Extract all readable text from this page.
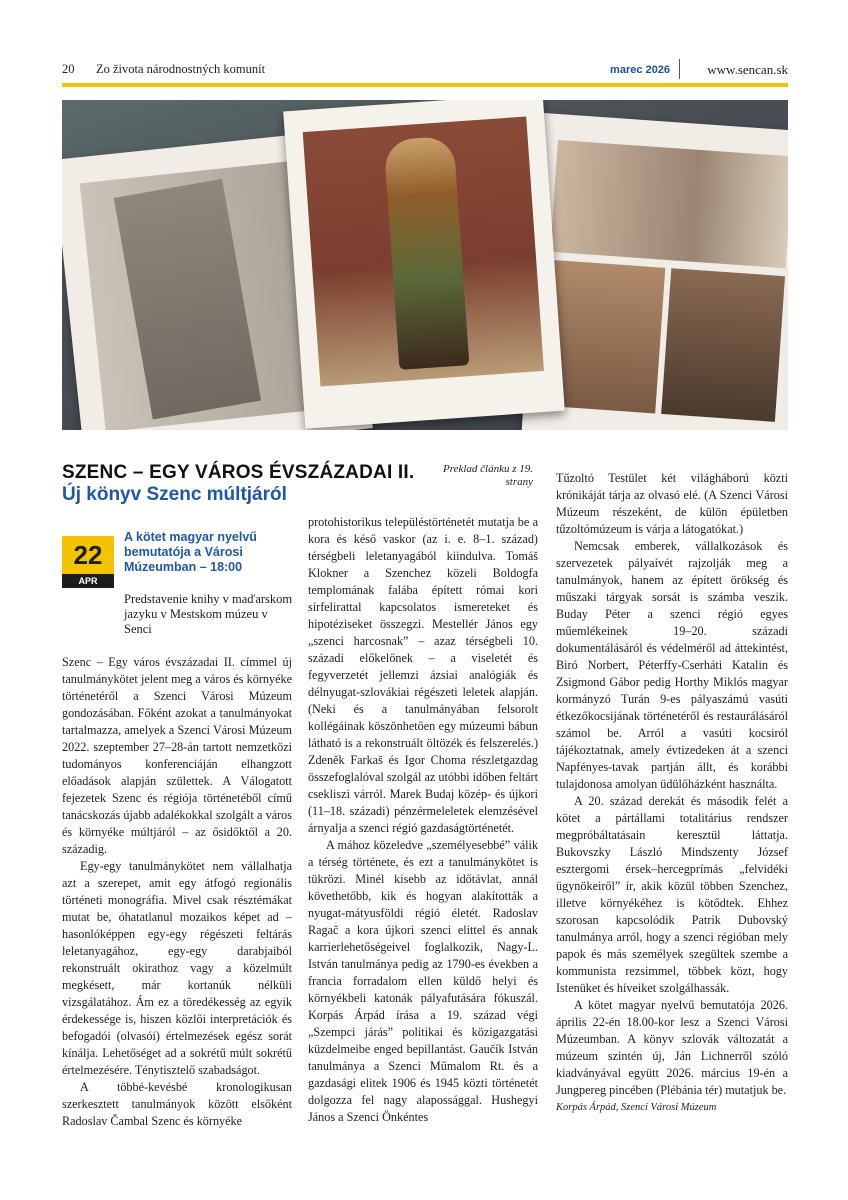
20 Zo života národnostných komunít	marec 2026	www.sencan.sk
SZENC – EGY VÁROS ÉVSZÁZADAI II.
Új könyv Szenc múltjáról
Preklad článku z 19. strany
22
APR
A kötet magyar nyelvű bemutatója a Városi Múzeumban – 18:00
Predstavenie knihy v maďarskom jazyku v Mestskom múzeu v Senci

Szenc – Egy város évszázadai II. címmel új tanulmánykötet jelent meg a város és környéke történetéről a Szenci Városi Múzeum gondozásában. Főként azokat a tanulmányokat tartalmazza, amelyek a Szenci Városi Múzeum 2022. szeptember 27–28-án tartott nemzetközi tudományos konferenciáján elhangzott előadások alapján születtek. A Válogatott fejezetek Szenc és régiója történetéből című tanácskozás újabb adalékokkal szolgált a város és környéke múltjáról – az ősidőktől a 20. századig.

Egy-egy tanulmánykötet nem vállalhatja azt a szerepet, amit egy átfogó regionális történeti monográfia. Mivel csak résztémákat mutat be, óhatatlanul mozaikos képet ad – hasonlóképpen egy-egy régészeti feltárás leletanyagához, egy-egy darabjaiból rekonstruált okirathoz vagy a közelmúlt megkésett, már kortanúk nélküli vizsgálatához. Ám ez a töredékesség az egyik érdekessége is, hiszen közlői interpretációk és befogadói (olvasói) értelmezések egész sorát kínálja. Lehetőséget ad a sokrétű múlt sokrétű értelmezésére. Ténytisztelő szabadságot.

A többé-kevésbé kronologikusan szerkesztett tanulmányok között elsőként Radoslav Čambal Szenc és környéke

protohistorikus településtörténetét mutatja be a kora és késő vaskor (az i. e. 8–1. század) térségbeli leletanyagából kiindulva. Tomáš Klokner a Szenchez közeli Boldogfa templomának falába épített római kori sírfelirattal kapcsolatos ismereteket és hipotéziseket összegzi. Mestellér János egy „szenci harcosnak” – azaz térségbeli 10. századi előkelőnek – a viseletét és fegyverzetét jellemzi ázsiai analógiák és délnyugat-szlovákiai régészeti leletek alapján. (Neki és a tanulmányában felsorolt kollégáinak köszönhetően egy múzeumi bábun látható is a rekonstruált öltözék és felszerelés.) Zdeněk Farkaš és Igor Choma részletgazdag összefoglalóval szolgál az utóbbi időben feltárt csekliszi várról. Marek Budaj közép- és újkori (11–18. századi) pénzérmeleletek elemzésével árnyalja a szenci régió gazdaságtörténetét.

A mához közeledve „személyesebbé” válik a térség története, és ezt a tanulmánykötet is tükrözi. Minél kisebb az időtávlat, annál követhetőbb, kik és hogyan alakították a nyugat-mátyusföldi régió életét. Radoslav Ragač a kora újkori szenci elittel és annak karrierlehetőségeivel foglalkozik, Nagy-L. István tanulmánya pedig az 1790-es években a francia forradalom ellen küldő helyi és környékbeli katonák pályafutására fókuszál. Korpás Árpád írása a 19. század végi „Szempci járás” politikai és közigazgatási küzdelmeibe enged bepillantást. Gaučík István tanulmánya a Szenci Műmalom Rt. és a gazdasági elitek 1906 és 1945 közti történetét dolgozza fel nagy alapossággal. Hushegyi János a Szenci Önkéntes

Tűzoltó Testület két világháború közti krónikáját tárja az olvasó elé. (A Szenci Városi Múzeum részeként, de külön épületben tűzoltómúzeum is várja a látogatókat.)

Nemcsak emberek, vállalkozások és szervezetek pályaívét rajzolják meg a tanulmányok, hanem az épített örökség és műszaki tárgyak sorsát is számba veszik. Buday Péter a szenci régió egyes műemlékeinek 19–20. századi dokumentálásáról és védelméről ad áttekintést, Biró Norbert, Péterffy-Cserháti Katalin és Zsigmond Gábor pedig Horthy Miklós magyar kormányzó Turán 9-es pályaszámú vasúti étkezőkocsijának történetéről és restaurálásáról számol be. Arról a vasúti kocsiról tájékoztatnak, amely évtizedeken át a szenci Napfényes-tavak partján állt, és korábbi tulajdonosa amolyan üdülőházként használta.

A 20. század derekát és második felét a kötet a pártállami totalitárius rendszer megpróbáltatásain keresztül láttatja. Bukovszky László Mindszenty József esztergomi érsek–hercegprímás „felvidéki ügynökeiről” ír, akik közül többen Szenchez, illetve környékéhez is kötődtek. Ehhez szorosan kapcsolódik Patrik Dubovský tanulmánya arról, hogy a szenci régióban mely papok és más személyek szegültek szembe a kommunista rezsimmel, többek közt, hogy Istenüket és híveiket szolgálhassák.

A kötet magyar nyelvű bemutatója 2026. április 22-én 18.00-kor lesz a Szenci Városi Múzeumban. A könyv szlovák változatát a múzeum szintén új, Ján Lichnerről szóló kiadványával együtt 2026. március 19-én a Jungpereg pincében (Plébánia tér) mutatjuk be.

Korpás Árpád, Szenci Városi Múzeum
